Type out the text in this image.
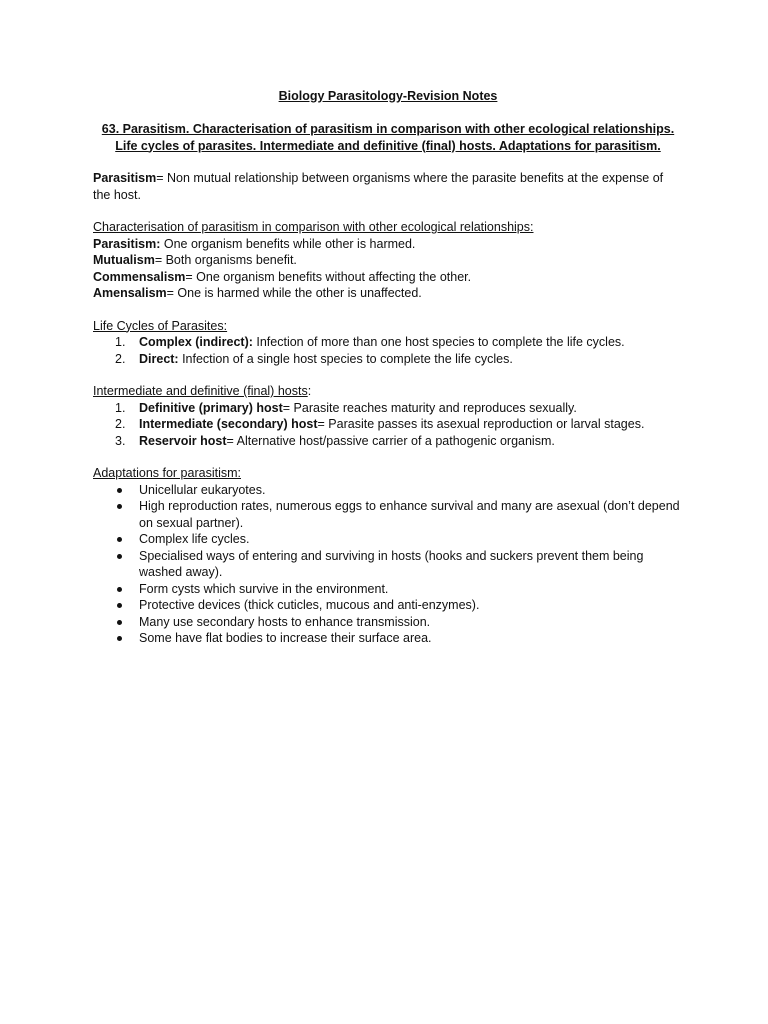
Biology Parasitology-Revision Notes
63. Parasitism. Characterisation of parasitism in comparison with other ecological relationships.
Life cycles of parasites. Intermediate and definitive (final) hosts. Adaptations for parasitism.
Parasitism= Non mutual relationship between organisms where the parasite benefits at the expense of the host.
Characterisation of parasitism in comparison with other ecological relationships:
Parasitism: One organism benefits while other is harmed.
Mutualism= Both organisms benefit.
Commensalism= One organism benefits without affecting the other.
Amensalism= One is harmed while the other is unaffected.
Life Cycles of Parasites:
1. Complex (indirect): Infection of more than one host species to complete the life cycles.
2. Direct: Infection of a single host species to complete the life cycles.
Intermediate and definitive (final) hosts:
1. Definitive (primary) host= Parasite reaches maturity and reproduces sexually.
2. Intermediate (secondary) host= Parasite passes its asexual reproduction or larval stages.
3. Reservoir host= Alternative host/passive carrier of a pathogenic organism.
Adaptations for parasitism:
Unicellular eukaryotes.
High reproduction rates, numerous eggs to enhance survival and many are asexual (don’t depend on sexual partner).
Complex life cycles.
Specialised ways of entering and surviving in hosts (hooks and suckers prevent them being washed away).
Form cysts which survive in the environment.
Protective devices (thick cuticles, mucous and anti-enzymes).
Many use secondary hosts to enhance transmission.
Some have flat bodies to increase their surface area.
